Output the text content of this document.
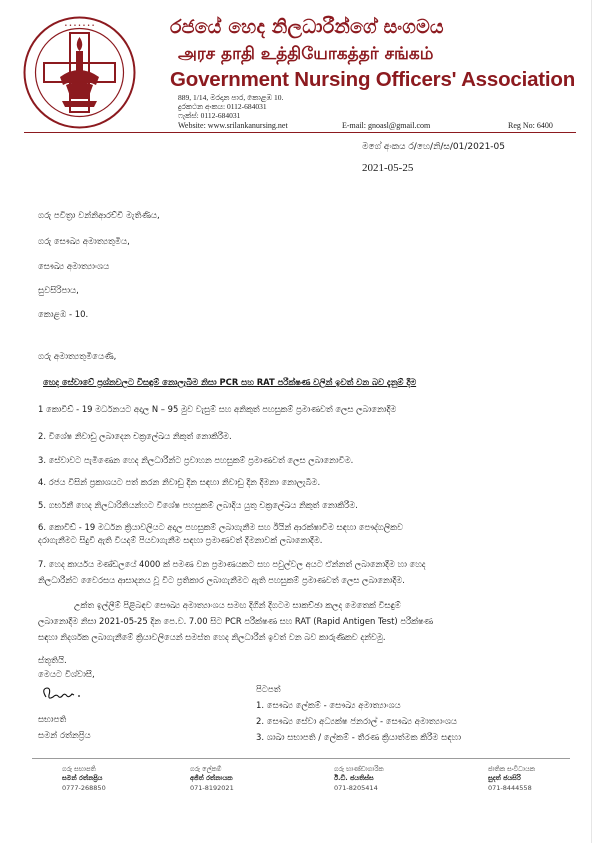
• • • • • • •	රජයේ හෙද නිලධාරීන්ගේ සංගමය
அரச தாதி உத்தியோகத்தர் சங்கம்
Government Nursing Officers' Association
889, 1/14, මරදාන පාර, කොළඹ 10.
දුරකථන අංකය: 0112-684031
ෆැක්ස්: 0112-684031
Website: www.srilankanursing.net	E-mail: gnoasl@gmail.com	Reg No: 6400
මගේ අංකය ර/හෙ/නි/ස/01/2021-05
2021-05-25
ගරු පවිත්‍රා වන්නිආරච්චි මැතිණිය,
ගරු සෞඛ්‍ය අමාත්‍යතුමිය,
සෞඛ්‍ය අමාත්‍යාංශය
සුවසිරිපාය,
කොළඹ - 10.
ගරු අමාත්‍යතුමියෙණි,
හෙද සේවාවේ ප්‍රශ්නවලට විසඳුම් නොලැබීම නිසා PCR සහ RAT පරීක්ෂණ වලින් ඉවත් වන බව දැනුම් දීම
1 කොවිඩ් - 19 මර්ධනයට අදාල N – 95 මුව වැසුම් සහ අනිකුත් පහසුකම් ප්‍රමාණවත් ලෙස ලබානොදීම
2. විශේෂ නිවාඩු ලබාදෙන චක්‍රලේඛය නිකුත් නොකිරීම.
3. සේවාවට පැමිණෙන හෙද නිලධාරීන්ට ප්‍රවාහන පහසුකම් ප්‍රමාණවත් ලෙස ලබානොවීම.
4. රජය විසින් ප්‍රකාශයට පත් කරන නිවාඩු දින සඳහා නිවාඩු දින දීමනා නොලැබීම.
5. ගර්භනී හෙද නිලධාරිනියන්හට විශේෂ පහසුකම් ලබාදිය යුතු චක්‍රලේඛය නිකුත් නොකිරීම.
6. කොවිඩ් - 19 මර්ධන ක්‍රියාවලියට අදාල පහසුකම් ලබාගැනීම සහ ඊයින් ආරක්ෂාවීම සඳහා පෞද්ගලිකව
දරාගැනීමට සිදුවී ඇති වියදම් පියවාගැනීම සඳහා ප්‍රමාණවත් දීමනාවක් ලබානොදීම.
7. හෙද කාර්යය මණ්ඩලයේ 4000 ක් පමණ වන ප්‍රමාණයකට සහ පවුල්වල අයට ඒන්නත් ලබානොදීම හා හෙද
නිලධාරීන්ට වෛරසය ආසාදනය වූ විට ප්‍රතිකාර ලබාගැනීමට ඇති පහසුකම් ප්‍රමාණවත් ලෙස ලබානොදීම.
උක්ත ඉල්ලීම් පිළිබඳව සෞඛ්‍ය අමාත්‍යාංශය සමඟ දිගින් දිගටම සාකච්ඡා කලද මෙතෙක් විසඳුම්
ලබානොදීම නිසා 2021-05-25 දින පෙ.ව. 7.00 සිට PCR පරීක්ෂණ සහ RAT (Rapid Antigen Test) පරීක්ෂණ
සඳහා නිදර්ශක ලබාගැනීමේ ක්‍රියාවලියෙන් සමස්ත හෙද නිලධාරීන් ඉවත් වන බව කාරුණිකව දන්වමු.
ස්තූතියි.
මෙයට විශ්වාසී,
සභාපති
සමන් රත්නප්‍රිය
පිටපත්
1. සෞඛ්‍ය ලේකම් - සෞඛ්‍ය අමාත්‍යාංශය
2. සෞඛ්‍ය සේවා අධ්‍යක්ෂ ජනරාල් - සෞඛ්‍ය අමාත්‍යාංශය
3. ශාඛා සභාපති / ලේකම් - තීරණ ක්‍රියාත්මක කිරීම සඳහා
ගරු සභාපති
සමන් රත්නප්‍රිය
0777-268850
ගරු ලේකම්
අජිත් රත්නායක
071-8192021
ගරු භාණ්ඩාගාරික
ඊ.ඩී. ජයතිස්ස
071-8205414
ජාතික සංවිධායක
සුදත් ජයසිරි
071-8444558
